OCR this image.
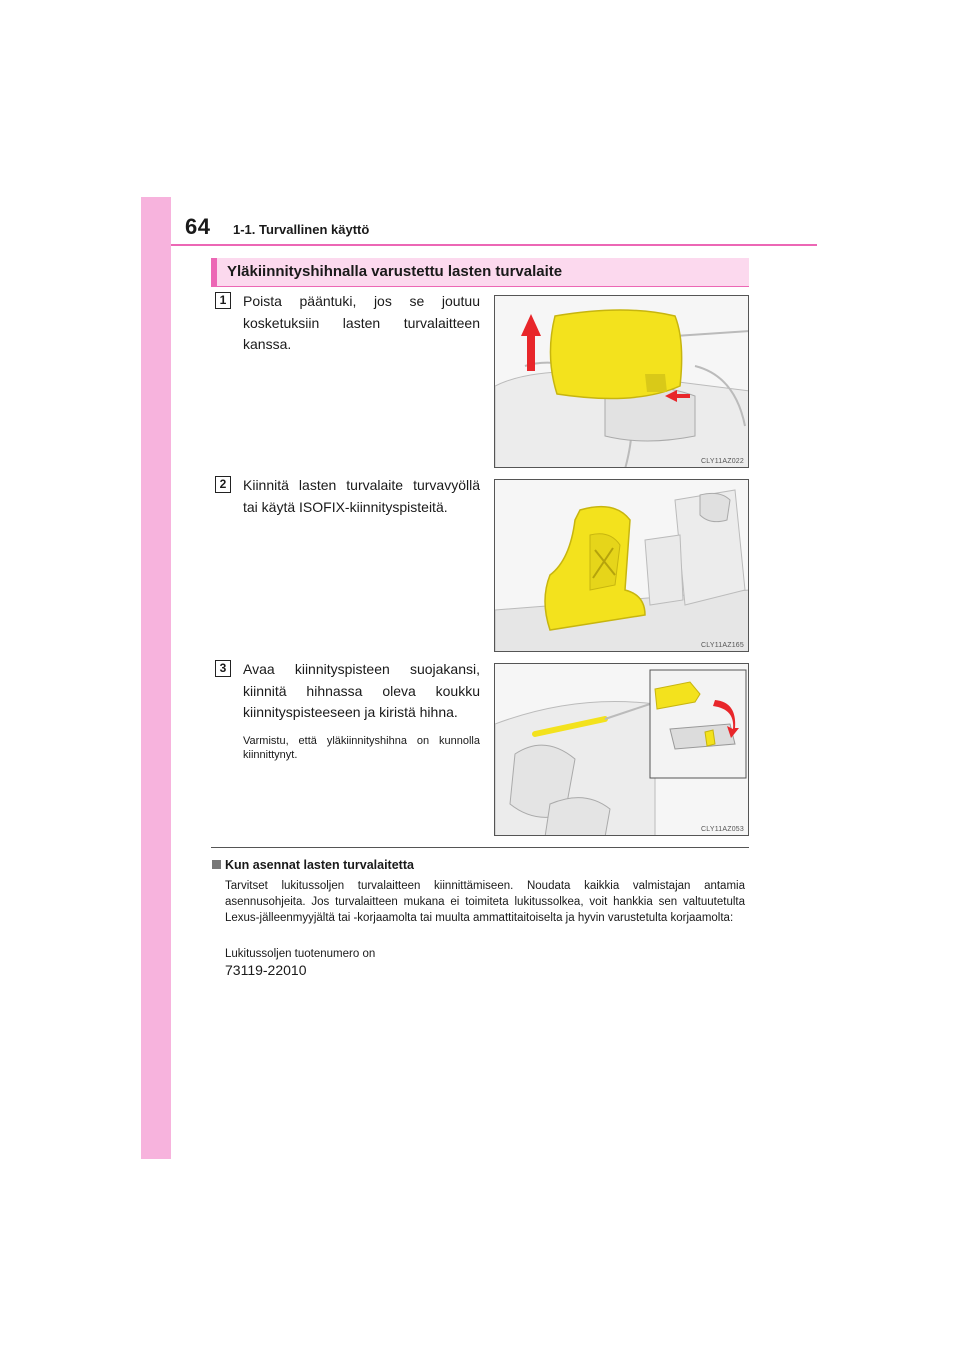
64 1-1. Turvallinen käyttö
Yläkiinnityshihnalla varustettu lasten turvalaite
1	Poista pääntuki, jos se joutuu kosketuksiin lasten turvalaitteen kanssa.
CLY11AZ022
2	Kiinnitä lasten turvalaite turvavyöllä tai käytä ISOFIX-kiinnityspisteitä.
CLY11AZ165
3	Avaa kiinnityspisteen suojakansi, kiinnitä hihnassa oleva koukku kiinnityspisteeseen ja kiristä hihna.
Varmistu, että yläkiinnityshihna on kunnolla kiinnittynyt.
CLY11AZ053
Kun asennat lasten turvalaitetta
Tarvitset lukitussoljen turvalaitteen kiinnittämiseen. Noudata kaikkia valmistajan antamia asennusohjeita. Jos turvalaitteen mukana ei toimiteta lukitussolkea, voit hankkia sen valtuutetulta Lexus-jälleenmyyjältä tai -korjaamolta tai muulta ammattitaitoiselta ja hyvin varustetulta korjaamolta:
Lukitussoljen tuotenumero on
73119-22010
